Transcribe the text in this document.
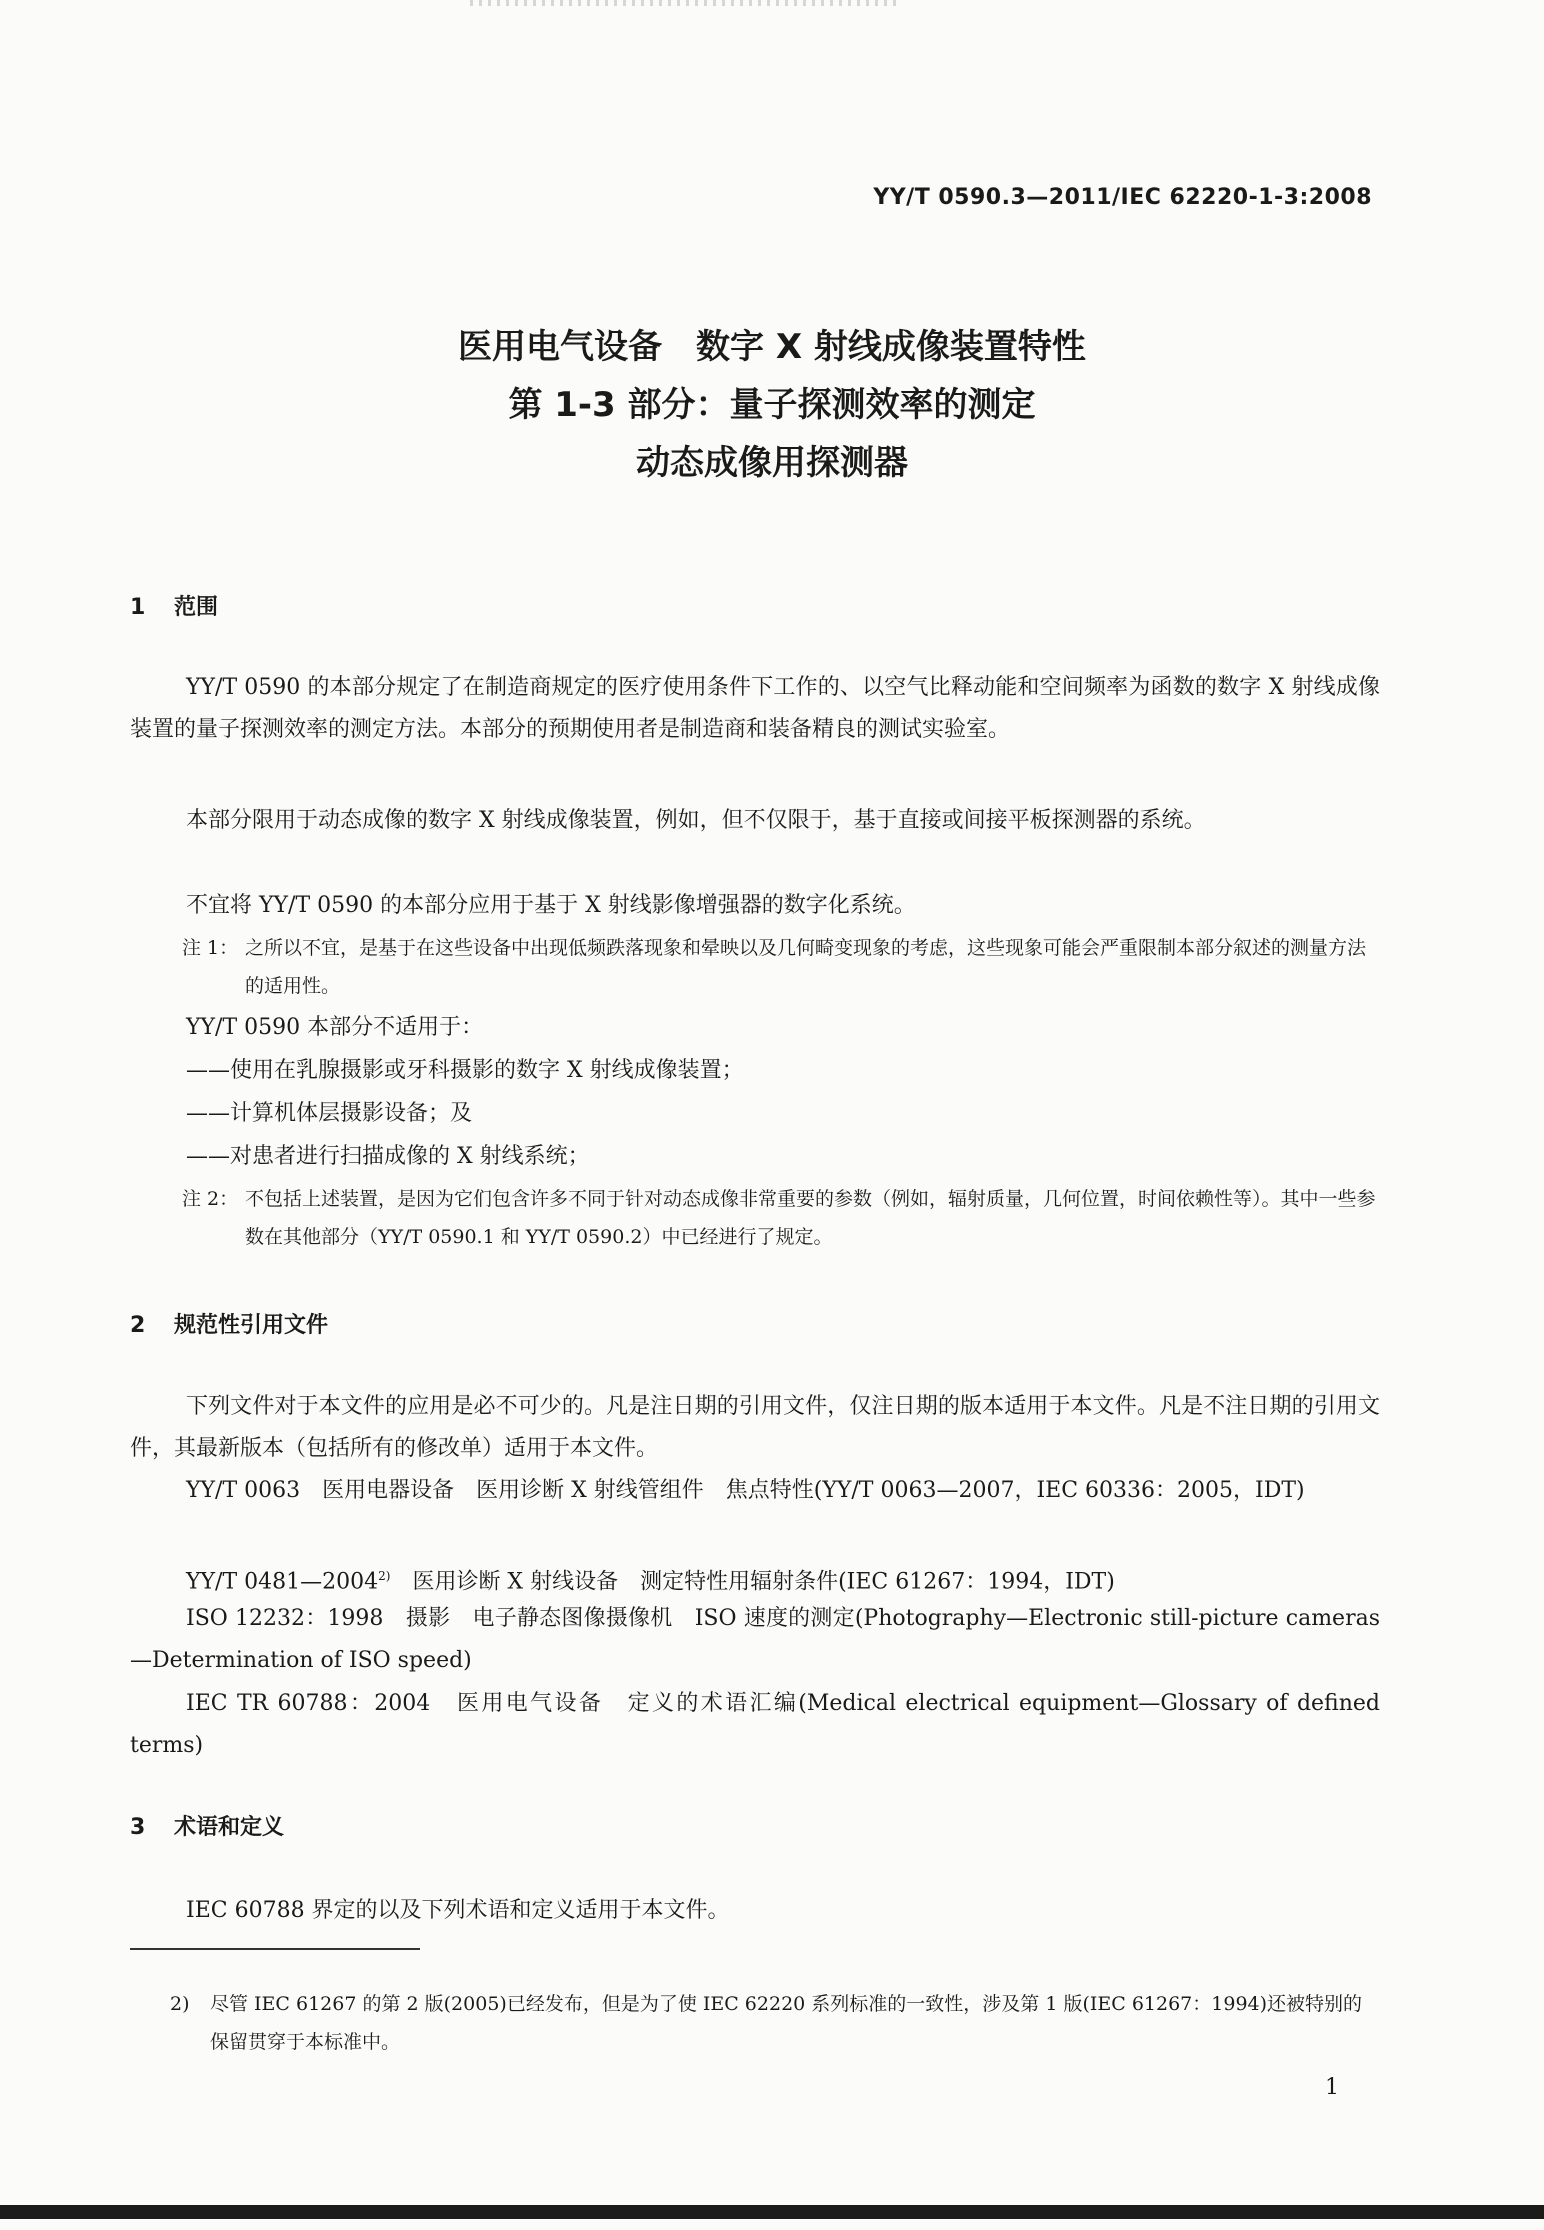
YY/T 0590.3—2011/IEC 62220-1-3:2008
医用电气设备　数字 X 射线成像装置特性
第 1-3 部分：量子探测效率的测定
动态成像用探测器
1 范围
YY/T 0590 的本部分规定了在制造商规定的医疗使用条件下工作的、以空气比释动能和空间频率为函数的数字 X 射线成像装置的量子探测效率的测定方法。本部分的预期使用者是制造商和装备精良的测试实验室。
本部分限用于动态成像的数字 X 射线成像装置，例如，但不仅限于，基于直接或间接平板探测器的系统。
不宜将 YY/T 0590 的本部分应用于基于 X 射线影像增强器的数字化系统。
注 1： 之所以不宜，是基于在这些设备中出现低频跌落现象和晕映以及几何畸变现象的考虑，这些现象可能会严重限制本部分叙述的测量方法的适用性。
YY/T 0590 本部分不适用于：
——使用在乳腺摄影或牙科摄影的数字 X 射线成像装置；
——计算机体层摄影设备；及
——对患者进行扫描成像的 X 射线系统；
注 2： 不包括上述装置，是因为它们包含许多不同于针对动态成像非常重要的参数（例如，辐射质量，几何位置，时间依赖性等）。其中一些参数在其他部分（YY/T 0590.1 和 YY/T 0590.2）中已经进行了规定。
2 规范性引用文件
下列文件对于本文件的应用是必不可少的。凡是注日期的引用文件，仅注日期的版本适用于本文件。凡是不注日期的引用文件，其最新版本（包括所有的修改单）适用于本文件。
YY/T 0063　医用电器设备　医用诊断 X 射线管组件　焦点特性(YY/T 0063—2007，IEC 60336：2005，IDT)
YY/T 0481—2004$^{2)}$　医用诊断 X 射线设备　测定特性用辐射条件(IEC 61267：1994，IDT)
ISO 12232：1998　摄影　电子静态图像摄像机　ISO 速度的测定(Photography—Electronic still-picture cameras—Determination of ISO speed)
IEC TR 60788：2004　医用电气设备　定义的术语汇编(Medical electrical equipment—Glossary of defined terms)
3 术语和定义
IEC 60788 界定的以及下列术语和定义适用于本文件。
2)	尽管 IEC 61267 的第 2 版(2005)已经发布，但是为了使 IEC 62220 系列标准的一致性，涉及第 1 版(IEC 61267：1994)还被特别的保留贯穿于本标准中。
1
